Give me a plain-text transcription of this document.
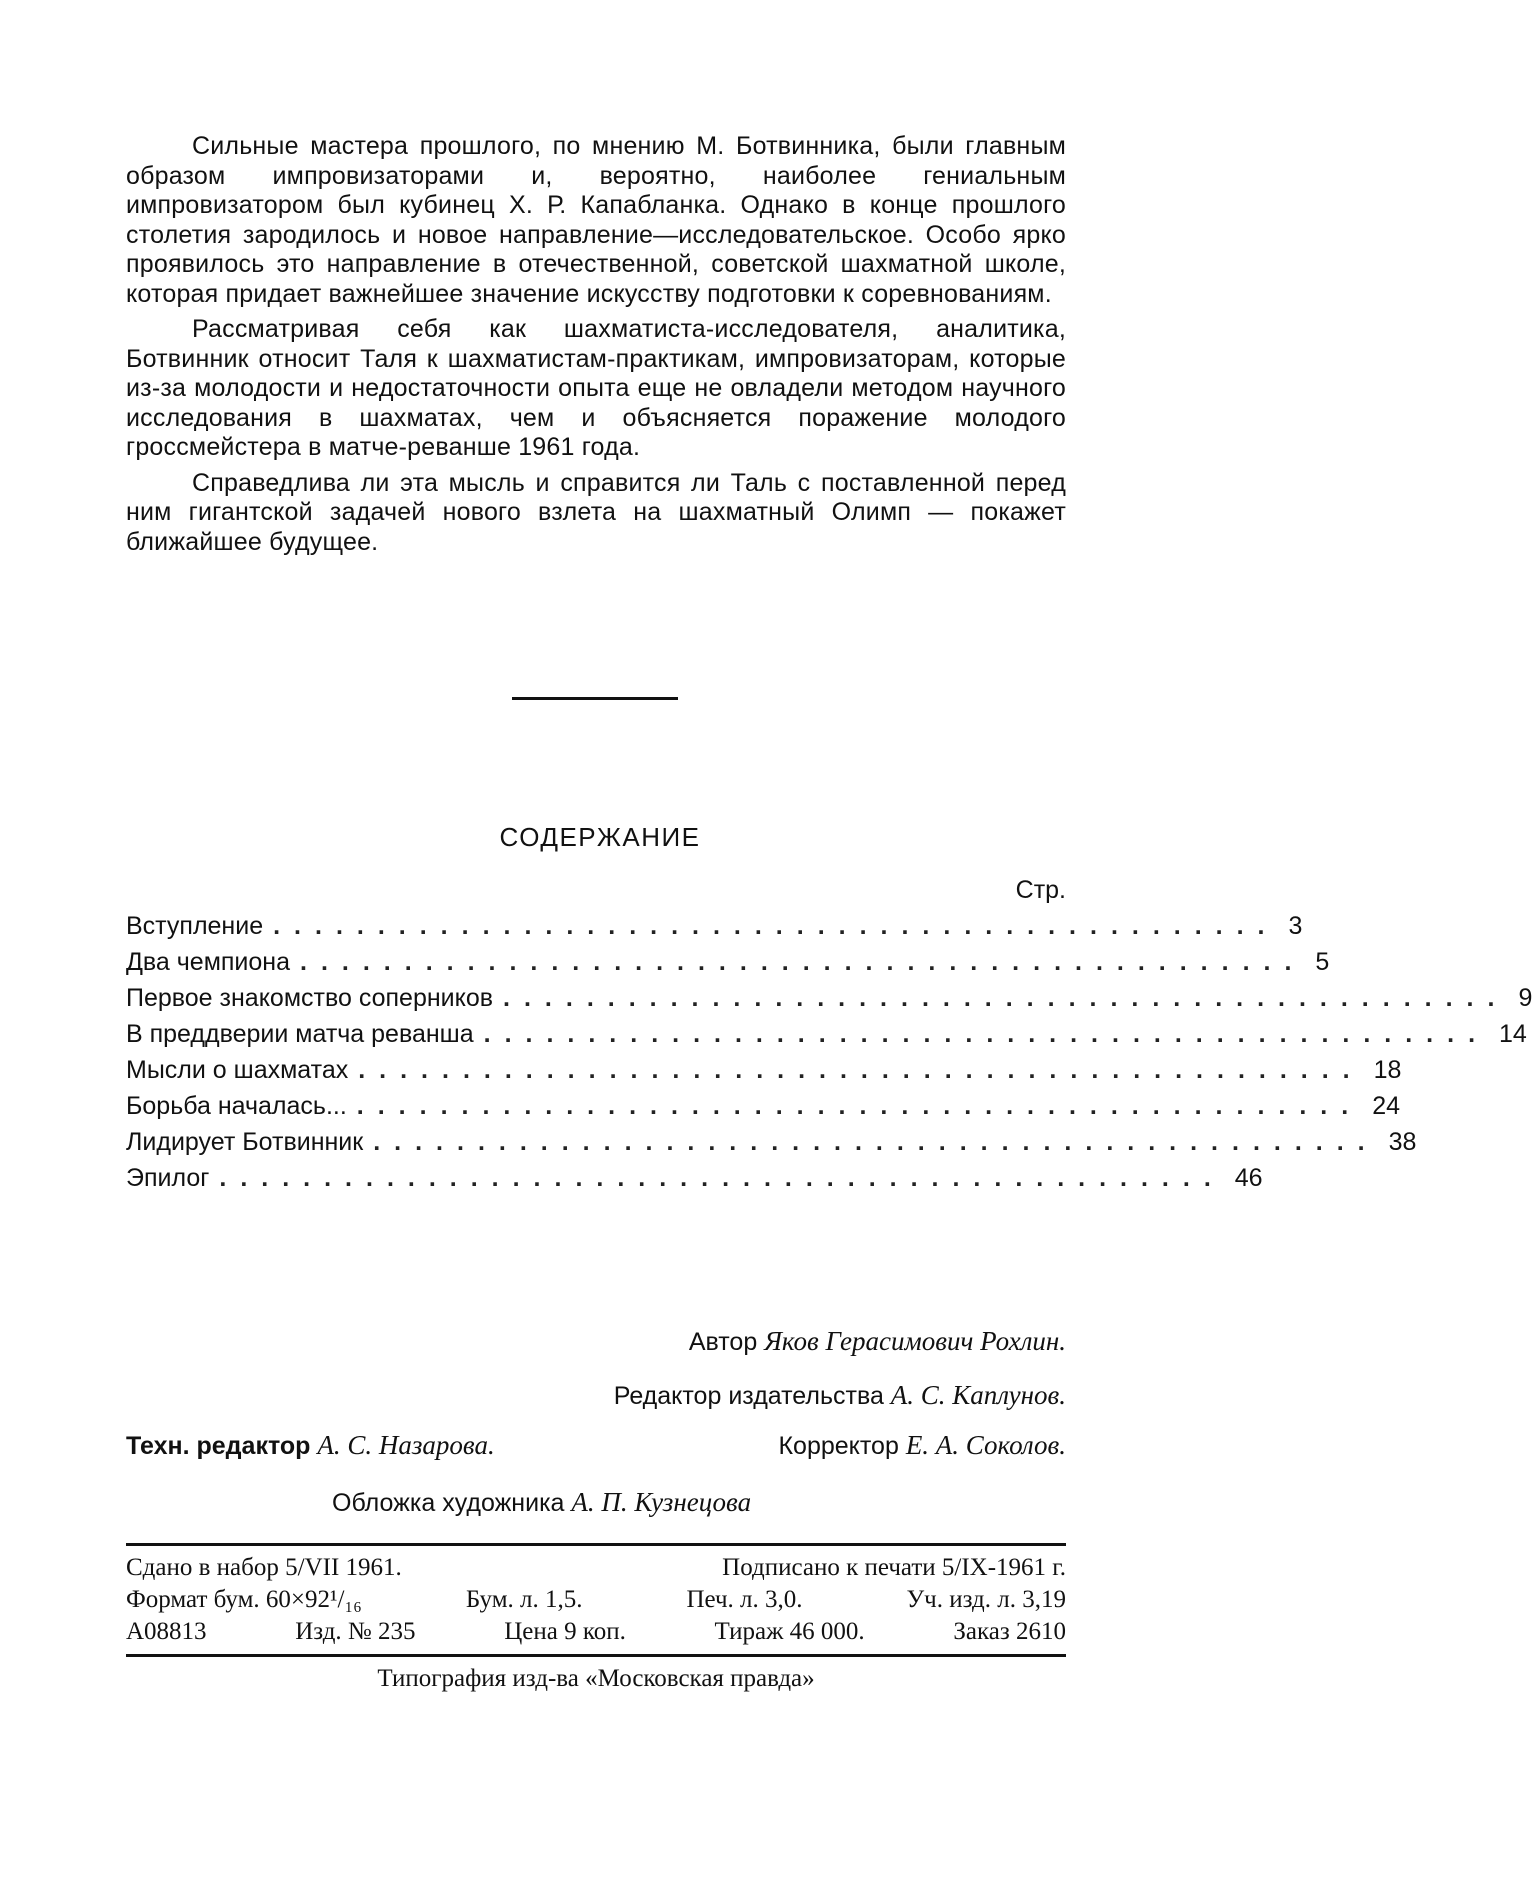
Сильные мастера прошлого, по мнению М. Ботвинника, были главным образом импровизаторами и, вероятно, наиболее гениальным импровизатором был кубинец Х. Р. Капабланка. Однако в конце прошлого столетия зародилось и новое направление—исследовательское. Особо ярко проявилось это направление в отечественной, советской шахматной школе, которая придает важнейшее значение искусству подготовки к соревнованиям.

Рассматривая себя как шахматиста-исследователя, аналитика, Ботвинник относит Таля к шахматистам-практикам, импровизаторам, которые из-за молодости и недостаточности опыта еще не овладели методом научного исследования в шахматах, чем и объясняется поражение молодого гроссмейстера в матче-реванше 1961 года.

Справедлива ли эта мысль и справится ли Таль с поставленной перед ним гигантской задачей нового взлета на шахматный Олимп — покажет ближайшее будущее.

СОДЕРЖАНИЕ
Стр.
Вступление ................................................ 3
Два чемпиона ................................................ 5
Первое знакомство соперников ................................................ 9
В преддверии матча реванша ................................................ 14
Мысли о шахматах ................................................ 18
Борьба началась... ................................................ 24
Лидирует Ботвинник ................................................ 38
Эпилог ................................................ 46
Автор Яков Герасимович Рохлин.
Редактор издательства А. С. Каплунов.
Техн. редактор А. С. Назарова.	Корректор Е. А. Соколов.
Обложка художника А. П. Кузнецова
Сдано в набор 5/VII 1961.	Подписано к печати 5/IX-1961 г.
Формат бум. 60×92¹/₁₆	Бум. л. 1,5.	Печ. л. 3,0.	Уч. изд. л. 3,19
А08813	Изд. № 235	Цена 9 коп.	Тираж 46 000.	Заказ 2610
Типография изд-ва «Московская правда»
